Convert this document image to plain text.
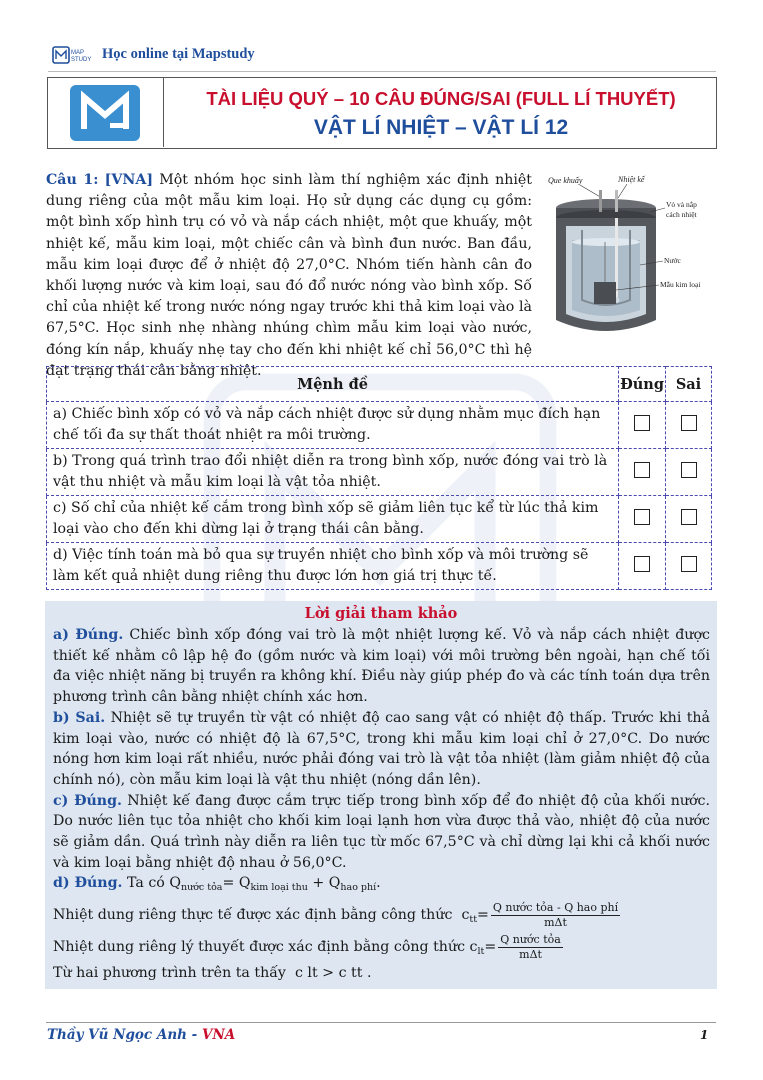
MAP
STUDY Học online tại Mapstudy
TÀI LIỆU QUÝ – 10 CÂU ĐÚNG/SAI (FULL LÍ THUYẾT)
VẬT LÍ NHIỆT – VẬT LÍ 12
Câu 1: [VNA] Một nhóm học sinh làm thí nghiệm xác định nhiệt dung riêng của một mẫu kim loại. Họ sử dụng các dụng cụ gồm: một bình xốp hình trụ có vỏ và nắp cách nhiệt, một que khuấy, một nhiệt kế, mẫu kim loại, một chiếc cân và bình đun nước. Ban đầu, mẫu kim loại được để ở nhiệt độ 27,0°C. Nhóm tiến hành cân đo khối lượng nước và kim loại, sau đó đổ nước nóng vào bình xốp. Số chỉ của nhiệt kế trong nước nóng ngay trước khi thả kim loại vào là 67,5°C. Học sinh nhẹ nhàng nhúng chìm mẫu kim loại vào nước, đóng kín nắp, khuấy nhẹ tay cho đến khi nhiệt kế chỉ 56,0°C thì hệ đạt trạng thái cân bằng nhiệt.
Que khuấy	Nhiệt kế
Vỏ và nắp
cách nhiệt
Nước
Mẫu kim loại
Mệnh đề	Đúng	Sai
a) Chiếc bình xốp có vỏ và nắp cách nhiệt được sử dụng nhằm mục đích hạn chế tối đa sự thất thoát nhiệt ra môi trường.		
b) Trong quá trình trao đổi nhiệt diễn ra trong bình xốp, nước đóng vai trò là vật thu nhiệt và mẫu kim loại là vật tỏa nhiệt.		
c) Số chỉ của nhiệt kế cắm trong bình xốp sẽ giảm liên tục kể từ lúc thả kim loại vào cho đến khi dừng lại ở trạng thái cân bằng.		
d) Việc tính toán mà bỏ qua sự truyền nhiệt cho bình xốp và môi trường sẽ làm kết quả nhiệt dung riêng thu được lớn hơn giá trị thực tế.		
Lời giải tham khảo

a) Đúng. Chiếc bình xốp đóng vai trò là một nhiệt lượng kế. Vỏ và nắp cách nhiệt được thiết kế nhằm cô lập hệ đo (gồm nước và kim loại) với môi trường bên ngoài, hạn chế tối đa việc nhiệt năng bị truyền ra không khí. Điều này giúp phép đo và các tính toán dựa trên phương trình cân bằng nhiệt chính xác hơn.

b) Sai. Nhiệt sẽ tự truyền từ vật có nhiệt độ cao sang vật có nhiệt độ thấp. Trước khi thả kim loại vào, nước có nhiệt độ là 67,5°C, trong khi mẫu kim loại chỉ ở 27,0°C. Do nước nóng hơn kim loại rất nhiều, nước phải đóng vai trò là vật tỏa nhiệt (làm giảm nhiệt độ của chính nó), còn mẫu kim loại là vật thu nhiệt (nóng dần lên).

c) Đúng. Nhiệt kế đang được cắm trực tiếp trong bình xốp để đo nhiệt độ của khối nước. Do nước liên tục tỏa nhiệt cho khối kim loại lạnh hơn vừa được thả vào, nhiệt độ của nước sẽ giảm dần. Quá trình này diễn ra liên tục từ mốc 67,5°C và chỉ dừng lại khi cả khối nước và kim loại bằng nhiệt độ nhau ở 56,0°C.

d) Đúng. Ta có $Q_{nước tỏa}= Q_{kim loại thu} + Q_{hao phí}$.

Nhiệt dung riêng thực tế được xác định bằng công thức $c_{tt}= \frac{\text{Q nước tỏa - Q hao phí}}{\text{mΔt}}$

Nhiệt dung riêng lý thuyết được xác định bằng công thức $c_{lt}= \frac{\text{Q nước tỏa}}{\text{mΔt}}$

Từ hai phương trình trên ta thấy c lt > c tt .

Thầy Vũ Ngọc Anh - VNA	1
